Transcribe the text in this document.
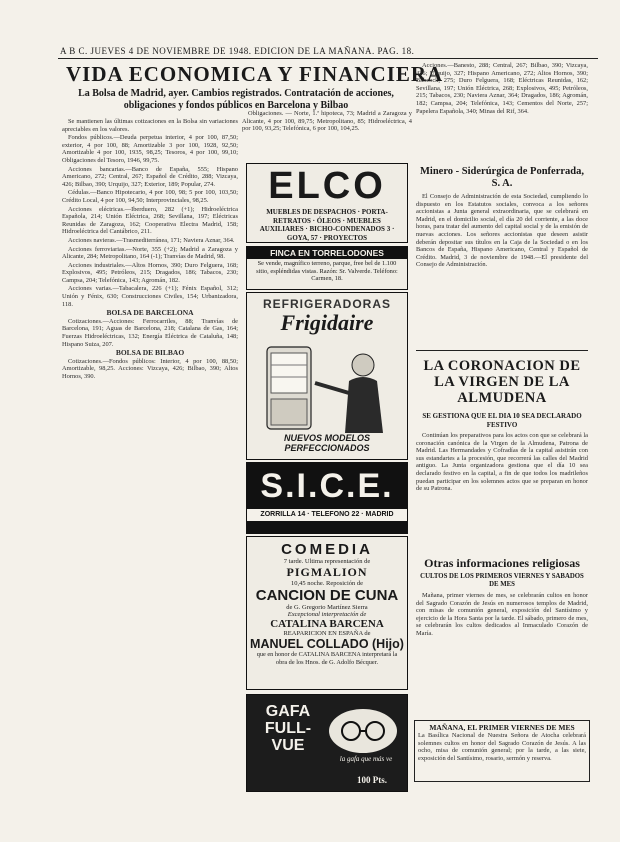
A B C. JUEVES 4 DE NOVIEMBRE DE 1948. EDICION DE LA MAÑANA. PAG. 18.
VIDA ECONOMICA Y FINANCIERA
La Bolsa de Madrid, ayer. Cambios registrados. Contratación de acciones, obligaciones y fondos públicos en Barcelona y Bilbao

Se mantienen las últimas cotizaciones en la Bolsa sin variaciones apreciables en los valores.

Fondos públicos.—Deuda perpetua interior, 4 por 100, 87,50; exterior, 4 por 100, 88; Amortizable 3 por 100, 1928, 92,50; Amortizable 4 por 100, 1935, 98,25; Tesoros, 4 por 100, 99,10; Obligaciones del Tesoro, 1946, 99,75.

Acciones bancarias.—Banco de España, 555; Hispano Americano, 272; Central, 267; Español de Crédito, 288; Vizcaya, 426; Bilbao, 390; Urquijo, 327; Exterior, 189; Popular, 274.

Cédulas.—Banco Hipotecario, 4 por 100, 98; 5 por 100, 103,50; Crédito Local, 4 por 100, 94,50; Interprovinciales, 98,25.

Acciones eléctricas.—Iberduero, 282 (+1); Hidroeléctrica Española, 214; Unión Eléctrica, 268; Sevillana, 197; Eléctricas Reunidas de Zaragoza, 162; Cooperativa Electra Madrid, 158; Hidroeléctrica del Cantábrico, 211.

Acciones navieras.—Trasmediterránea, 171; Naviera Aznar, 364.

Acciones ferroviarias.—Norte, 355 (+2); Madrid a Zaragoza y Alicante, 284; Metropolitano, 164 (-1); Tranvías de Madrid, 98.

Acciones industriales.—Altos Hornos, 390; Duro Felguera, 168; Explosivos, 495; Petróleos, 215; Dragados, 186; Tabacos, 230; Campsa, 204; Telefónica, 143; Agromán, 182.

Acciones varias.—Tabacalera, 226 (+1); Fénix Español, 312; Unión y Fénix, 630; Construcciones Civiles, 154; Urbanizadora, 118.

BOLSA DE BARCELONA

Cotizaciones.—Acciones: Ferrocarriles, 88; Tranvías de Barcelona, 191; Aguas de Barcelona, 218; Catalana de Gas, 164; Fuerzas Hidroeléctricas, 132; Energía Eléctrica de Cataluña, 148; Hispano Suiza, 207.

BOLSA DE BILBAO

Cotizaciones.—Fondos públicos: Interior, 4 por 100, 88,50; Amortizable, 98,25. Acciones: Vizcaya, 426; Bilbao, 390; Altos Hornos, 390.

Obligaciones. — Norte, 1.ª hipoteca, 73; Madrid a Zaragoza y Alicante, 4 por 100, 89,75; Metropolitano, 85; Hidroeléctrica, 4 por 100, 93,25; Telefónica, 6 por 100, 104,25.

ELCO
MUEBLES DE DESPACHOS · PORTA-RETRATOS · ÓLEOS · MUEBLES AUXILIARES · BICHO-CONDENADOS 3 · GOYA, 57 · PROYECTOS
FINCA EN TORRELODONES
Se vende, magnífico terreno, parque, free bel de 1.100 sitio, espléndidas vistas. Razón: Sr. Valverde. Teléfono: Carmen, 18.
REFRIGERADORAS
Frigidaire
NUEVOS MODELOS PERFECCIONADOS
S.I.C.E.
ZORRILLA 14 · TELEFONO 22 · MADRID
COMEDIA
7 tarde. Ultima representación de
PIGMALION
10,45 noche. Reposición de
CANCION DE CUNA
de G. Gregorio Martínez Sierra
Excepcional interpretación de
CATALINA BARCENA
REAPARICION EN ESPAÑA de
MANUEL COLLADO (Hijo)
que en honor de CATALINA BARCENA interpretará la obra de los Hnos. de G. Adolfo Bécquer.
GAFA FULL-VUE
la gafa que más ve
100 Pts.

Acciones.—Banesto, 288; Central, 267; Bilbao, 390; Vizcaya, 426; Urquijo, 327; Hispano Americano, 272; Altos Hornos, 390; Babcock, 275; Duro Felguera, 168; Eléctricas Reunidas, 162; Sevillana, 197; Unión Eléctrica, 268; Explosivos, 495; Petróleos, 215; Tabacos, 230; Naviera Aznar, 364; Dragados, 186; Agromán, 182; Campsa, 204; Telefónica, 143; Cementos del Norte, 257; Papelera Española, 340; Minas del Rif, 364.

Minero - Siderúrgica de Ponferrada, S. A.

El Consejo de Administración de esta Sociedad, cumpliendo lo dispuesto en los Estatutos sociales, convoca a los señores accionistas a Junta general extraordinaria, que se celebrará en Madrid, en el domicilio social, el día 20 del corriente, a las doce horas, para tratar del aumento del capital social y de la emisión de nuevas acciones. Los señores accionistas que deseen asistir deberán depositar sus títulos en la Caja de la Sociedad o en los Bancos de España, Hispano Americano, Central y Español de Crédito. Madrid, 3 de noviembre de 1948.—El presidente del Consejo de Administración.

LA CORONACION DE LA VIRGEN DE LA ALMUDENA
SE GESTIONA QUE EL DIA 10 SEA DECLARADO FESTIVO

Continúan los preparativos para los actos con que se celebrará la coronación canónica de la Virgen de la Almudena, Patrona de Madrid. Las Hermandades y Cofradías de la capital asistirán con sus estandartes a la procesión, que recorrerá las calles del Madrid antiguo. La Junta organizadora gestiona que el día 10 sea declarado festivo en la capital, a fin de que todos los madrileños puedan participar en los solemnes actos que se preparan en honor de su Patrona.

Otras informaciones religiosas
CULTOS DE LOS PRIMEROS VIERNES Y SABADOS DE MES

Mañana, primer viernes de mes, se celebrarán cultos en honor del Sagrado Corazón de Jesús en numerosos templos de Madrid, con misas de comunión general, exposición del Santísimo y ejercicio de la Hora Santa por la tarde. El sábado, primero de mes, se celebrarán los cultos dedicados al Inmaculado Corazón de María.

MAÑANA, EL PRIMER VIERNES DE MES
La Basílica Nacional de Nuestra Señora de Atocha celebrará solemnes cultos en honor del Sagrado Corazón de Jesús. A las ocho, misa de comunión general; por la tarde, a las siete, exposición del Santísimo, rosario, sermón y reserva.
